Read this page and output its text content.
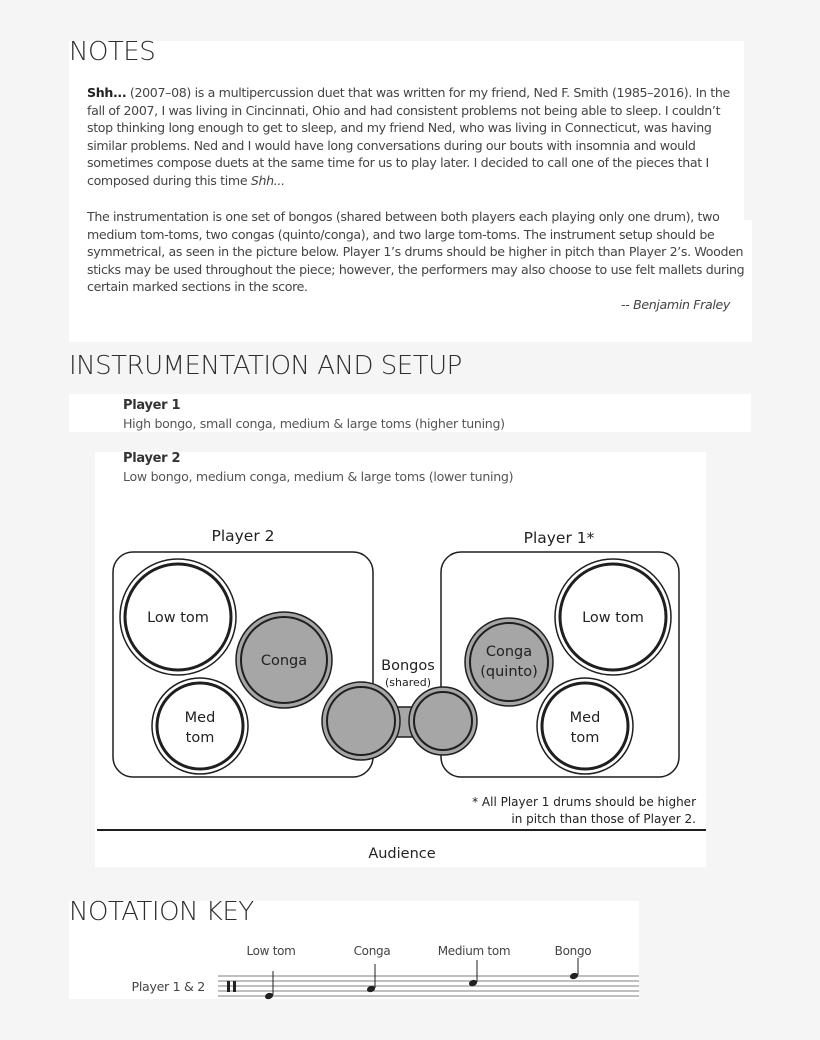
NOTES
Shh... (2007–08) is a multipercussion duet that was written for my friend, Ned F. Smith (1985–2016). In the fall of 2007, I was living in Cincinnati, Ohio and had consistent problems not being able to sleep. I couldn’t stop thinking long enough to get to sleep, and my friend Ned, who was living in Connecticut, was having similar problems. Ned and I would have long conversations during our bouts with insomnia and would sometimes compose duets at the same time for us to play later. I decided to call one of the pieces that I composed during this time Shh...
The instrumentation is one set of bongos (shared between both players each playing only one drum), two medium tom-toms, two congas (quinto/conga), and two large tom-toms. The instrument setup should be symmetrical, as seen in the picture below. Player 1’s drums should be higher in pitch than Player 2’s. Wooden sticks may be used throughout the piece; however, the performers may also choose to use felt mallets during certain marked sections in the score.
-- Benjamin Fraley
INSTRUMENTATION AND SETUP
Player 1
High bongo, small conga, medium & large toms (higher tuning)
Player 2
Low bongo, medium conga, medium & large toms (lower tuning)
Player 2	Player 1*
Low tom
Conga
Med
tom
Bongos
(shared)
Conga
(quinto)
Low tom
Med
tom
* All Player 1 drums should be higher
in pitch than those of Player 2.
Audience
Low tom	Conga	Medium tom	Bongo
Player 1 & 2
NOTATION KEY
